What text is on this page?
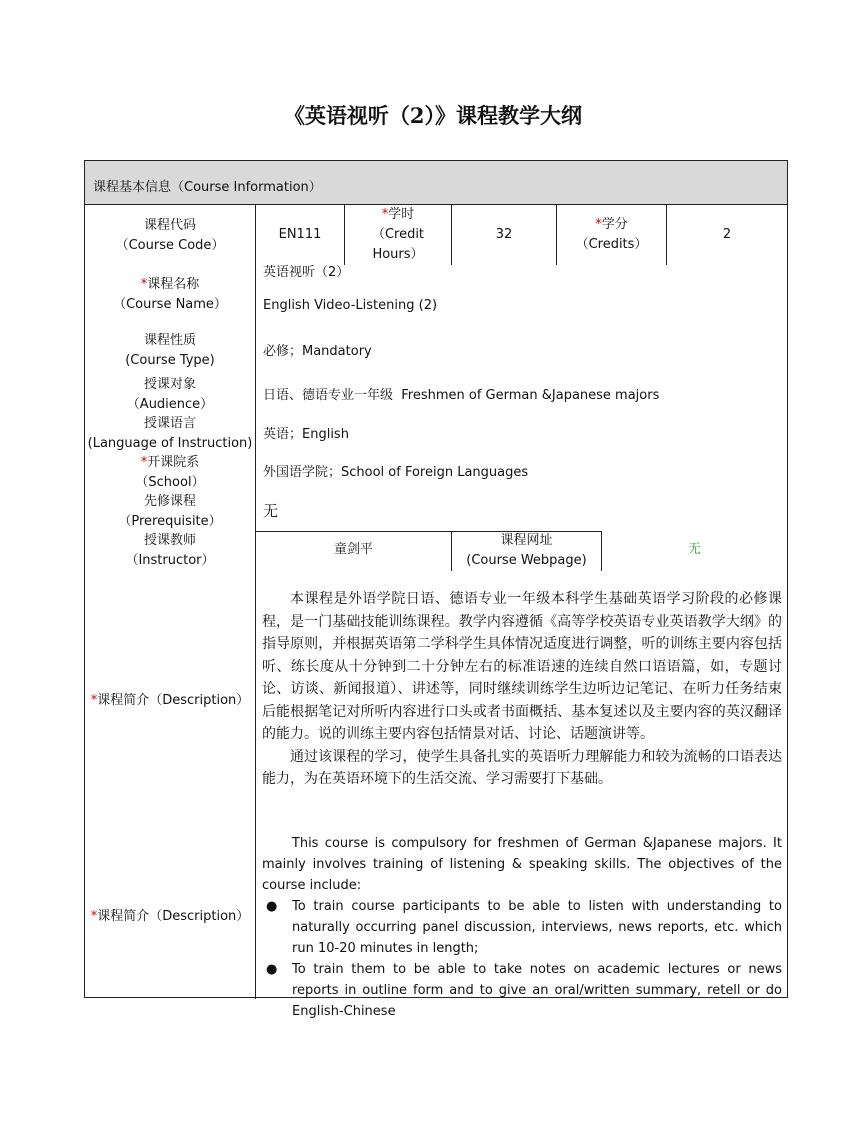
《英语视听（2）》课程教学大纲
课程基本信息（Course Information）
课程代码
（Course Code）
EN111
*学时
（Credit
Hours）
32
*学分
（Credits）
2
*课程名称
（Course Name）
英语视听（2）
English Video-Listening (2)
课程性质
(Course Type)
必修；Mandatory
授课对象
（Audience）
日语、德语专业一年级  Freshmen of German &Japanese majors
授课语言
(Language of Instruction)
英语；English
*开课院系
（School）
外国语学院；School of Foreign Languages
先修课程
（Prerequisite）
无
授课教师
（Instructor）
童剑平
课程网址
(Course Webpage)
无
*课程简介（Description）

本课程是外语学院日语、德语专业一年级本科学生基础英语学习阶段的必修课程，是一门基础技能训练课程。教学内容遵循《高等学校英语专业英语教学大纲》的指导原则，并根据英语第二学科学生具体情况适度进行调整，听的训练主要内容包括听、练长度从十分钟到二十分钟左右的标准语速的连续自然口语语篇，如，专题讨论、访谈、新闻报道）、讲述等，同时继续训练学生边听边记笔记、在听力任务结束后能根据笔记对所听内容进行口头或者书面概括、基本复述以及主要内容的英汉翻译的能力。说的训练主要内容包括情景对话、讨论、话题演讲等。

通过该课程的学习，使学生具备扎实的英语听力理解能力和较为流畅的口语表达能力，为在英语环境下的生活交流、学习需要打下基础。

*课程简介（Description）

This course is compulsory for freshmen of German &Japanese majors. It mainly involves training of listening & speaking skills. The objectives of the course include:

● To train course participants to be able to listen with understanding to naturally occurring panel discussion, interviews, news reports, etc. which run 10-20 minutes in length;
● To train them to be able to take notes on academic lectures or news reports in outline form and to give an oral/written summary, retell or do English-Chinese
